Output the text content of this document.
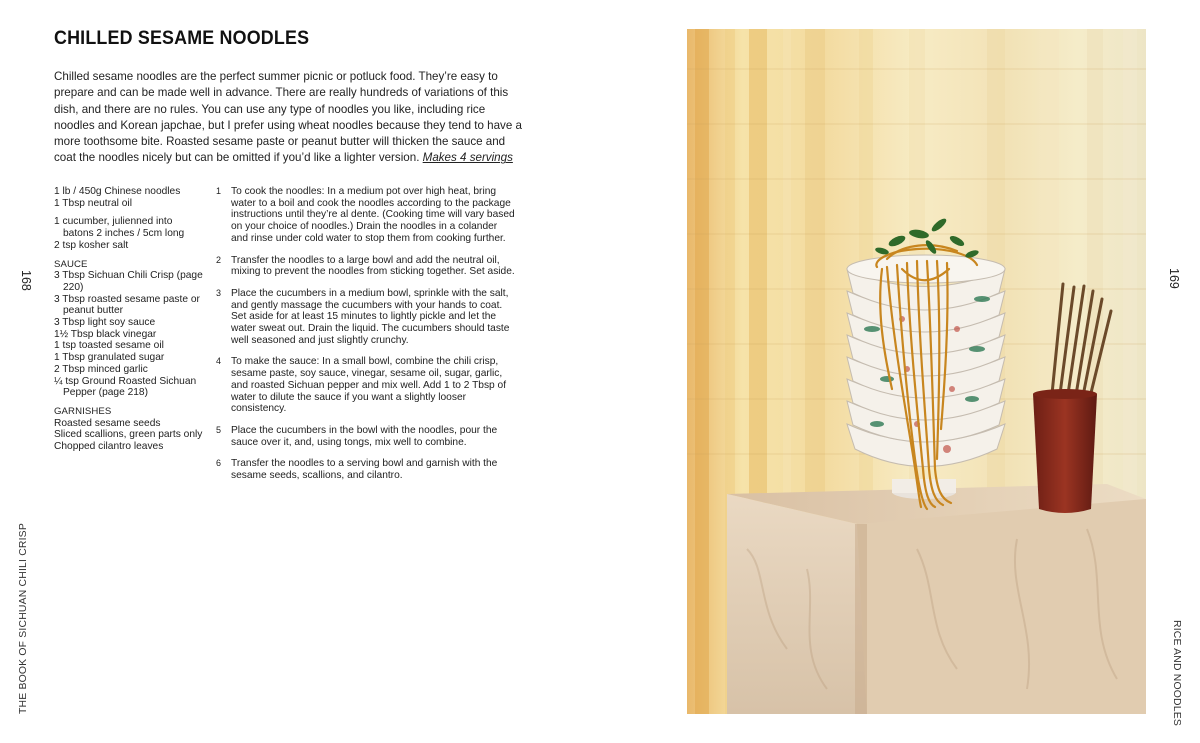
CHILLED SESAME NOODLES

Chilled sesame noodles are the perfect summer picnic or potluck food. They’re easy to prepare and can be made well in advance. There are really hundreds of variations of this dish, and there are no rules. You can use any type of noodles you like, including rice noodles and Korean japchae, but I prefer using wheat noodles because they tend to have a more toothsome bite. Roasted sesame paste or peanut butter will thicken the sauce and coat the noodles nicely but can be omitted if you’d like a lighter version. Makes 4 servings

1 lb / 450g Chinese noodles
1 Tbsp neutral oil
1 cucumber, julienned into batons 2 inches / 5cm long
2 tsp kosher salt
SAUCE
3 Tbsp Sichuan Chili Crisp (page 220)
3 Tbsp roasted sesame paste or peanut butter
3 Tbsp light soy sauce
1½ Tbsp black vinegar
1 tsp toasted sesame oil
1 Tbsp granulated sugar
2 Tbsp minced garlic
¼ tsp Ground Roasted Sichuan Pepper (page 218)
GARNISHES
Roasted sesame seeds
Sliced scallions, green parts only
Chopped cilantro leaves
1 To cook the noodles: In a medium pot over high heat, bring water to a boil and cook the noodles according to the package instructions until they’re al dente. (Cooking time will vary based on your choice of noodles.) Drain the noodles in a colander and rinse under cold water to stop them from cooking further.
2 Transfer the noodles to a large bowl and add the neutral oil, mixing to prevent the noodles from sticking together. Set aside.
3 Place the cucumbers in a medium bowl, sprinkle with the salt, and gently massage the cucumbers with your hands to coat. Set aside for at least 15 minutes to lightly pickle and let the water sweat out. Drain the liquid. The cucumbers should taste well seasoned and just slightly crunchy.
4 To make the sauce: In a small bowl, combine the chili crisp, sesame paste, soy sauce, vinegar, sesame oil, sugar, garlic, and roasted Sichuan pepper and mix well. Add 1 to 2 Tbsp of water to dilute the sauce if you want a slightly looser consistency.
5 Place the cucumbers in the bowl with the noodles, pour the sauce over it, and, using tongs, mix well to combine.
6 Transfer the noodles to a serving bowl and garnish with the sesame seeds, scallions, and cilantro.
168
THE BOOK OF SICHUAN CHILI CRISP
169
RICE AND NOODLES
